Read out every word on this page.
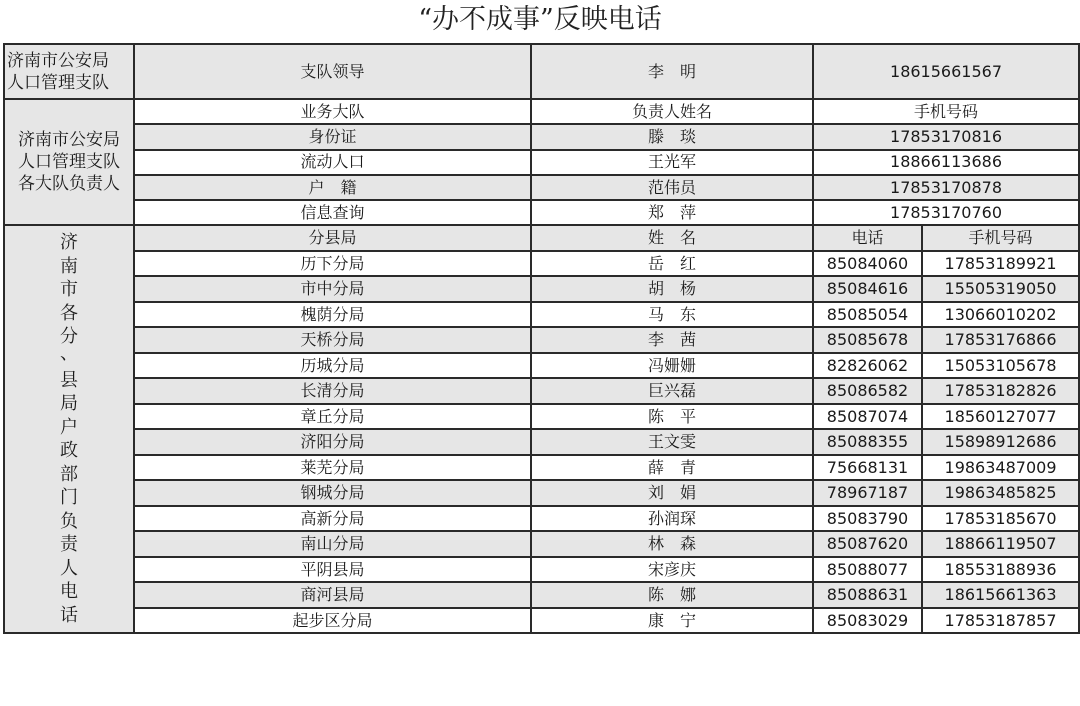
“办不成事”反映电话
济南市公安局
人口管理支队	支队领导	李　明	18615661567	

济南市公安局
人口管理支队
各大队负责人	业务大队	负责人姓名	手机号码	
	身份证	滕　琰	17853170816	
	流动人口	王光军	18866113686	
	户　籍	范伟员	17853170878	
	信息查询	郑　萍	17853170760	

济
南
市
各
分
、

县
局
户
政
部
门
负
责
人
电
话
	分县局	姓　名	电话	手机号码
	历下分局	岳　红	85084060	17853189921
	市中分局	胡　杨	85084616	15505319050
	槐荫分局	马　东	85085054	13066010202
	天桥分局	李　茜	85085678	17853176866
	历城分局	冯姗姗	82826062	15053105678
	长清分局	巨兴磊	85086582	17853182826
	章丘分局	陈　平	85087074	18560127077
	济阳分局	王文雯	85088355	15898912686
	莱芜分局	薛　青	75668131	19863487009
	钢城分局	刘　娟	78967187	19863485825
	高新分局	孙润琛	85083790	17853185670
	南山分局	林　森	85087620	18866119507
	平阴县局	宋彦庆	85088077	18553188936
	商河县局	陈　娜	85088631	18615661363
	起步区分局	康　宁	85083029	17853187857
